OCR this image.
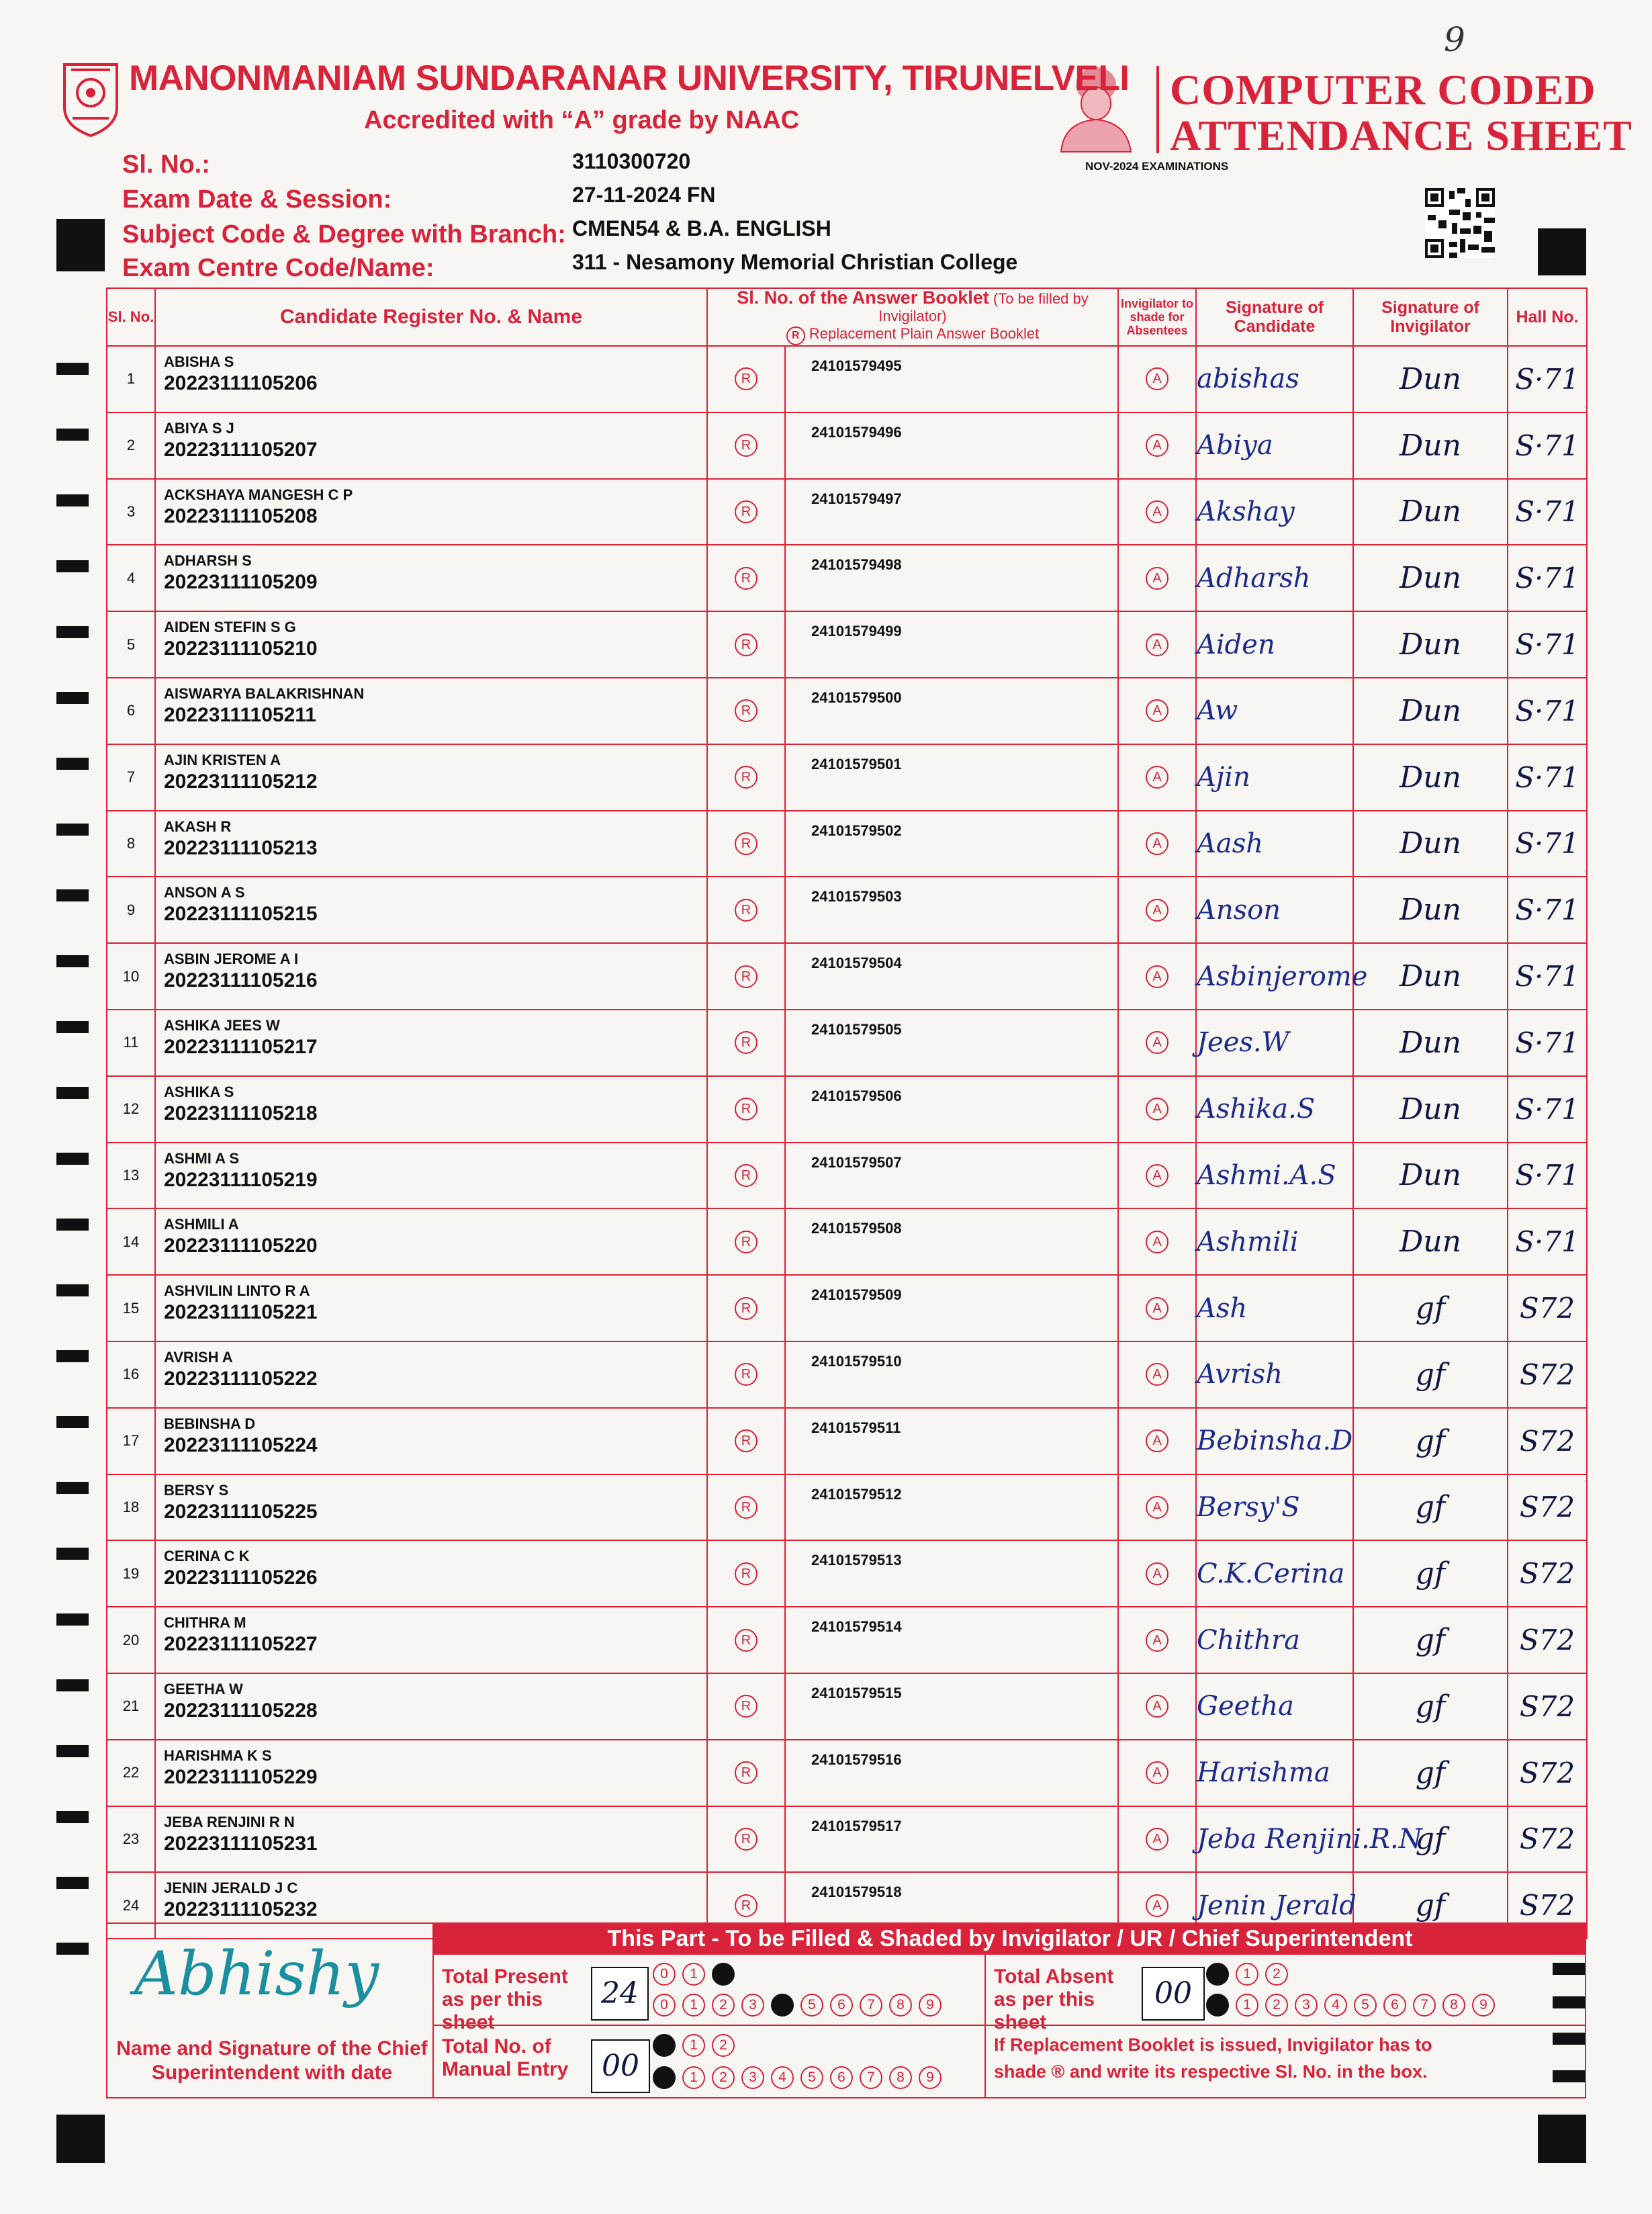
MANONMANIAM SUNDARANAR UNIVERSITY, TIRUNELVELI
Accredited with “A” grade by NAAC
COMPUTER CODED
ATTENDANCE SHEET
NOV-2024 EXAMINATIONS
9
Sl. No.:	3110300720
Exam Date & Session:	27-11-2024 FN
Subject Code & Degree with Branch: CMEN54 & B.A. ENGLISH
Exam Centre Code/Name:	311 - Nesamony Memorial Christian College
Sl. No.	Candidate Register No. & Name	Sl. No. of the Answer Booklet (To be filled by Invigilator)
R Replacement Plain Answer Booklet		Invigilator to shade for Absentees	Signature of Candidate	Signature of Invigilator	Hall No.
1	ABISHA S
20223111105206	R	24101579495	A	abishas	Dun	S·71
2	ABIYA S J
20223111105207	R	24101579496	A	Abiya	Dun	S·71
3	ACKSHAYA MANGESH C P
20223111105208	R	24101579497	A	Akshay	Dun	S·71
4	ADHARSH S
20223111105209	R	24101579498	A	Adharsh	Dun	S·71
5	AIDEN STEFIN S G
20223111105210	R	24101579499	A	Aiden	Dun	S·71
6	AISWARYA BALAKRISHNAN
20223111105211	R	24101579500	A	Aw	Dun	S·71
7	AJIN KRISTEN A
20223111105212	R	24101579501	A	Ajin	Dun	S·71
8	AKASH R
20223111105213	R	24101579502	A	Aash	Dun	S·71
9	ANSON A S
20223111105215	R	24101579503	A	Anson	Dun	S·71
10	ASBIN JEROME A I
20223111105216	R	24101579504	A	Asbinjerome	Dun	S·71
11	ASHIKA JEES W
20223111105217	R	24101579505	A	Jees.W	Dun	S·71
12	ASHIKA S
20223111105218	R	24101579506	A	Ashika.S	Dun	S·71
13	ASHMI A S
20223111105219	R	24101579507	A	Ashmi.A.S	Dun	S·71
14	ASHMILI A
20223111105220	R	24101579508	A	Ashmili	Dun	S·71
15	ASHVILIN LINTO R A
20223111105221	R	24101579509	A	Ash	gf	S72
16	AVRISH A
20223111105222	R	24101579510	A	Avrish	gf	S72
17	BEBINSHA D
20223111105224	R	24101579511	A	Bebinsha.D	gf	S72
18	BERSY S
20223111105225	R	24101579512	A	Bersy'S	gf	S72
19	CERINA C K
20223111105226	R	24101579513	A	C.K.Cerina	gf	S72
20	CHITHRA M
20223111105227	R	24101579514	A	Chithra	gf	S72
21	GEETHA W
20223111105228	R	24101579515	A	Geetha	gf	S72
22	HARISHMA K S
20223111105229	R	24101579516	A	Harishma	gf	S72
23	JEBA RENJINI R N
20223111105231	R	24101579517	A	Jeba Renjini.R.N	gf	S72
24	JENIN JERALD J C
20223111105232	R	24101579518	A	Jenin Jerald	gf	S72
This Part - To be Filled & Shaded by Invigilator / UR / Chief Superintendent
Abhishy
Name and Signature of the Chief Superintendent with date
Total Present as per this sheet
24
0 1 2
0 1 2 3 4 5 6 7 8 9
Total Absent as per this sheet
00
0 1 2
0 1 2 3 4 5 6 7 8 9
Total No. of Manual Entry	00
0 1 2
0 1 2 3 4 5 6 7 8 9
If Replacement Booklet is issued, Invigilator has to shade ® and write its respective Sl. No. in the box.
